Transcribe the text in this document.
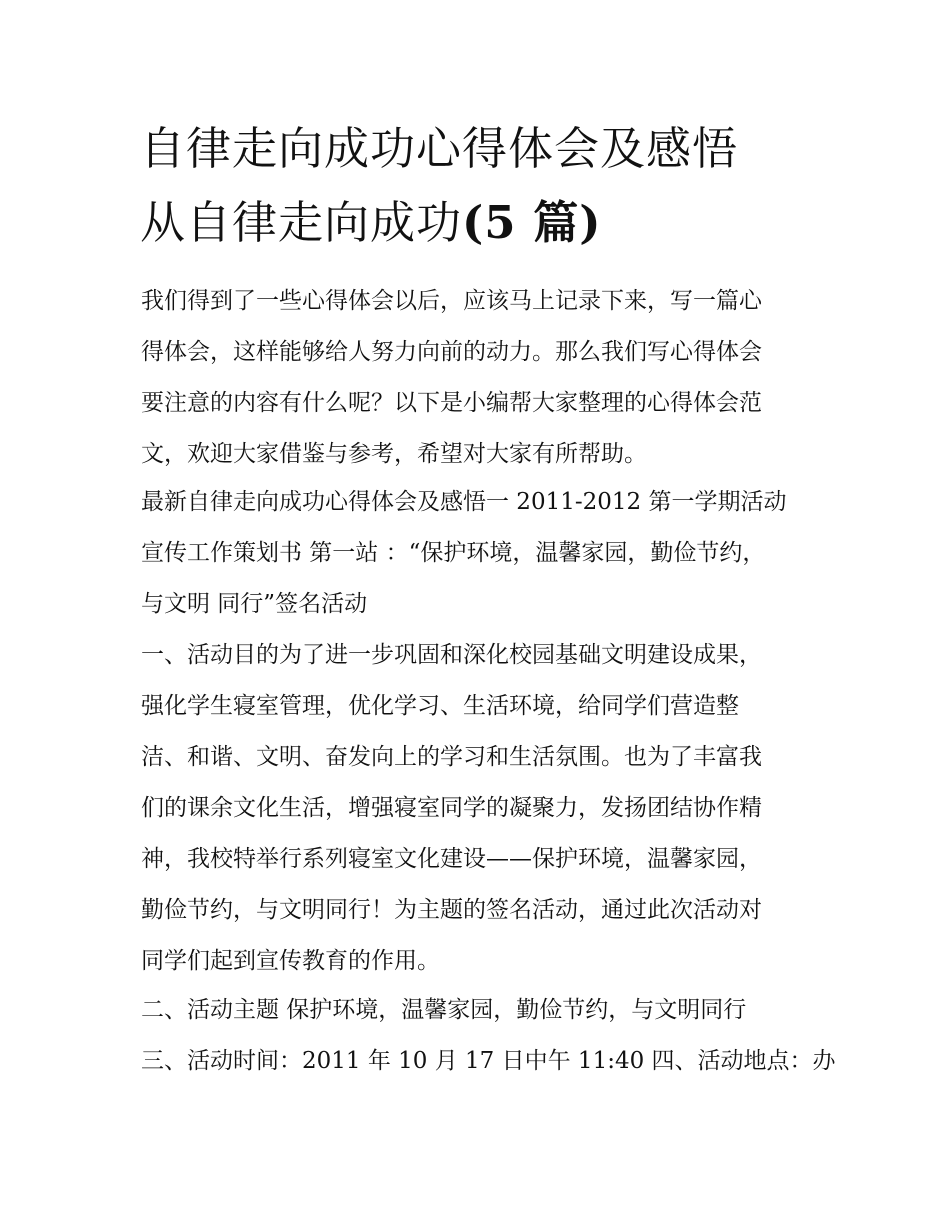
自律走向成功心得体会及感悟
从自律走向成功(5 篇)
我们得到了一些心得体会以后，应该马上记录下来，写一篇心
得体会，这样能够给人努力向前的动力。那么我们写心得体会
要注意的内容有什么呢？以下是小编帮大家整理的心得体会范
文，欢迎大家借鉴与参考，希望对大家有所帮助。
最新自律走向成功心得体会及感悟一 2011-2012 第一学期活动
宣传工作策划书 第一站 ：“保护环境，温馨家园，勤俭节约，
与文明 同行”签名活动
一、活动目的为了进一步巩固和深化校园基础文明建设成果，
强化学生寝室管理，优化学习、生活环境，给同学们营造整
洁、和谐、文明、奋发向上的学习和生活氛围。也为了丰富我
们的课余文化生活，增强寝室同学的凝聚力，发扬团结协作精
神，我校特举行系列寝室文化建设——保护环境，温馨家园，
勤俭节约，与文明同行！为主题的签名活动，通过此次活动对
同学们起到宣传教育的作用。
二、活动主题 保护环境，温馨家园，勤俭节约，与文明同行
三、活动时间：2011 年 10 月 17 日中午 11:40 四、活动地点：办
